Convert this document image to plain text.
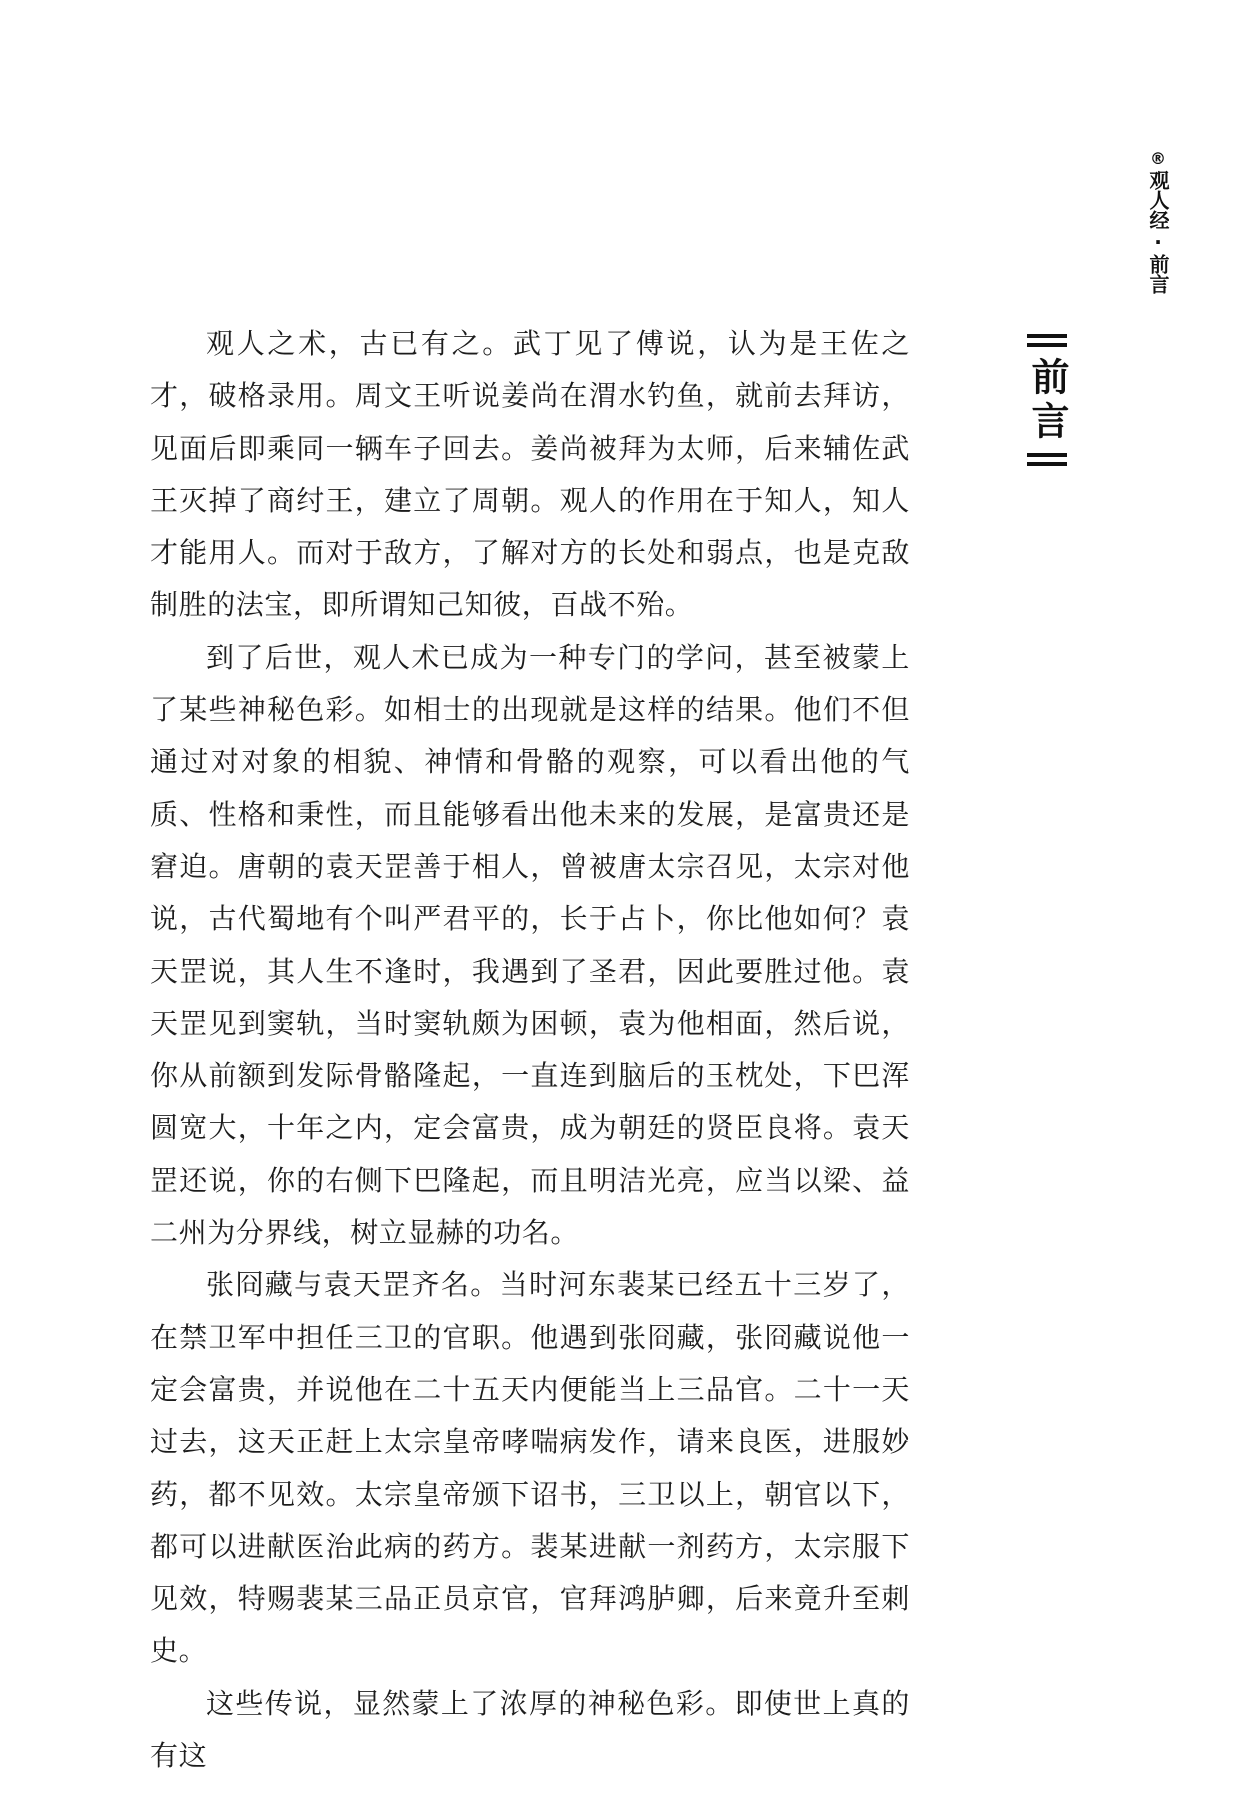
®
观人经·前言
前言

观人之术，古已有之。武丁见了傅说，认为是王佐之才，破格录用。周文王听说姜尚在渭水钓鱼，就前去拜访，见面后即乘同一辆车子回去。姜尚被拜为太师，后来辅佐武王灭掉了商纣王，建立了周朝。观人的作用在于知人，知人才能用人。而对于敌方，了解对方的长处和弱点，也是克敌制胜的法宝，即所谓知己知彼，百战不殆。

到了后世，观人术已成为一种专门的学问，甚至被蒙上了某些神秘色彩。如相士的出现就是这样的结果。他们不但通过对对象的相貌、神情和骨骼的观察，可以看出他的气质、性格和秉性，而且能够看出他未来的发展，是富贵还是窘迫。唐朝的袁天罡善于相人，曾被唐太宗召见，太宗对他说，古代蜀地有个叫严君平的，长于占卜，你比他如何？袁天罡说，其人生不逢时，我遇到了圣君，因此要胜过他。袁天罡见到窦轨，当时窦轨颇为困顿，袁为他相面，然后说，你从前额到发际骨骼隆起，一直连到脑后的玉枕处，下巴浑圆宽大，十年之内，定会富贵，成为朝廷的贤臣良将。袁天罡还说，你的右侧下巴隆起，而且明洁光亮，应当以梁、益二州为分界线，树立显赫的功名。

张冏藏与袁天罡齐名。当时河东裴某已经五十三岁了，在禁卫军中担任三卫的官职。他遇到张冏藏，张冏藏说他一定会富贵，并说他在二十五天内便能当上三品官。二十一天过去，这天正赶上太宗皇帝哮喘病发作，请来良医，进服妙药，都不见效。太宗皇帝颁下诏书，三卫以上，朝官以下，都可以进献医治此病的药方。裴某进献一剂药方，太宗服下见效，特赐裴某三品正员京官，官拜鸿胪卿，后来竟升至刺史。

这些传说，显然蒙上了浓厚的神秘色彩。即使世上真的有这
